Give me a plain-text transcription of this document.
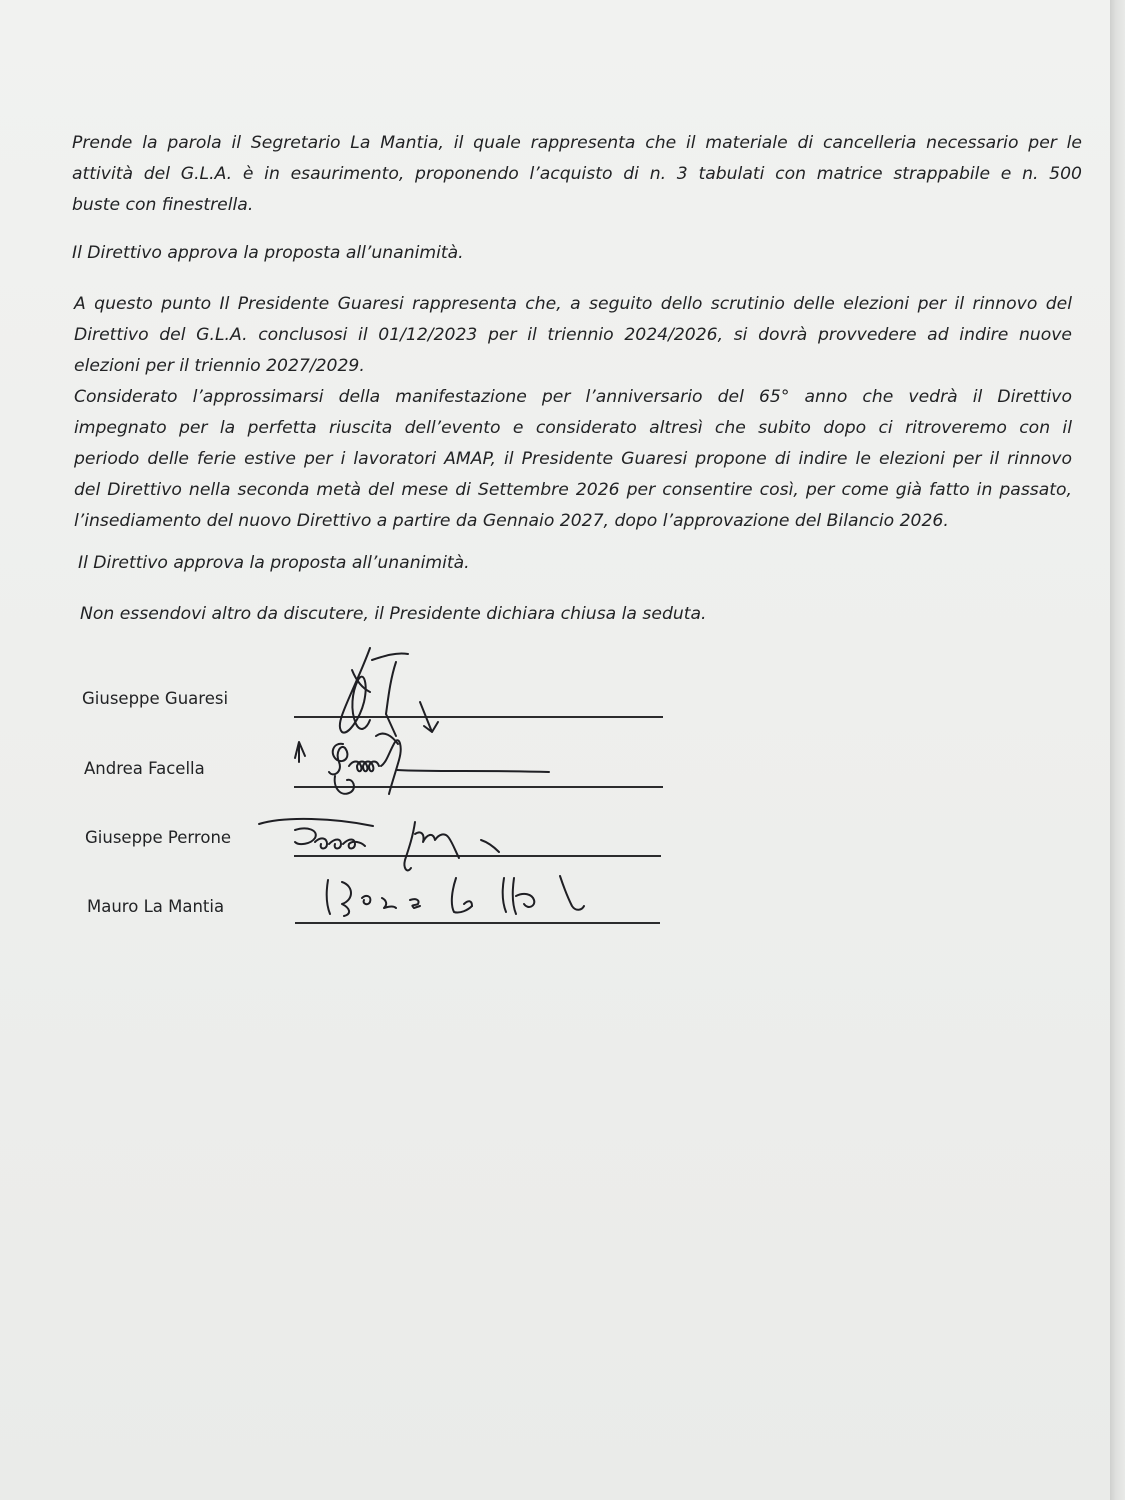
Prende la parola il Segretario La Mantia, il quale rappresenta che il materiale di cancelleria necessario per le
attività del G.L.A. è in esaurimento, proponendo l’acquisto di n. 3 tabulati con matrice strappabile e n. 500
buste con finestrella.
Il Direttivo approva la proposta all’unanimità.
A questo punto Il Presidente Guaresi rappresenta che, a seguito dello scrutinio delle elezioni per il rinnovo del
Direttivo del G.L.A. conclusosi il 01/12/2023 per il triennio 2024/2026, si dovrà provvedere ad indire nuove
elezioni per il triennio 2027/2029.
Considerato l’approssimarsi della manifestazione per l’anniversario del 65° anno che vedrà il Direttivo
impegnato per la perfetta riuscita dell’evento e considerato altresì che subito dopo ci ritroveremo con il
periodo delle ferie estive per i lavoratori AMAP, il Presidente Guaresi propone di indire le elezioni per il rinnovo
del Direttivo nella seconda metà del mese di Settembre 2026 per consentire così, per come già fatto in passato,
l’insediamento del nuovo Direttivo a partire da Gennaio 2027, dopo l’approvazione del Bilancio 2026.
Il Direttivo approva la proposta all’unanimità.
Non essendovi altro da discutere, il Presidente dichiara chiusa la seduta.
Giuseppe Guaresi
Andrea Facella
Giuseppe Perrone
Mauro La Mantia
